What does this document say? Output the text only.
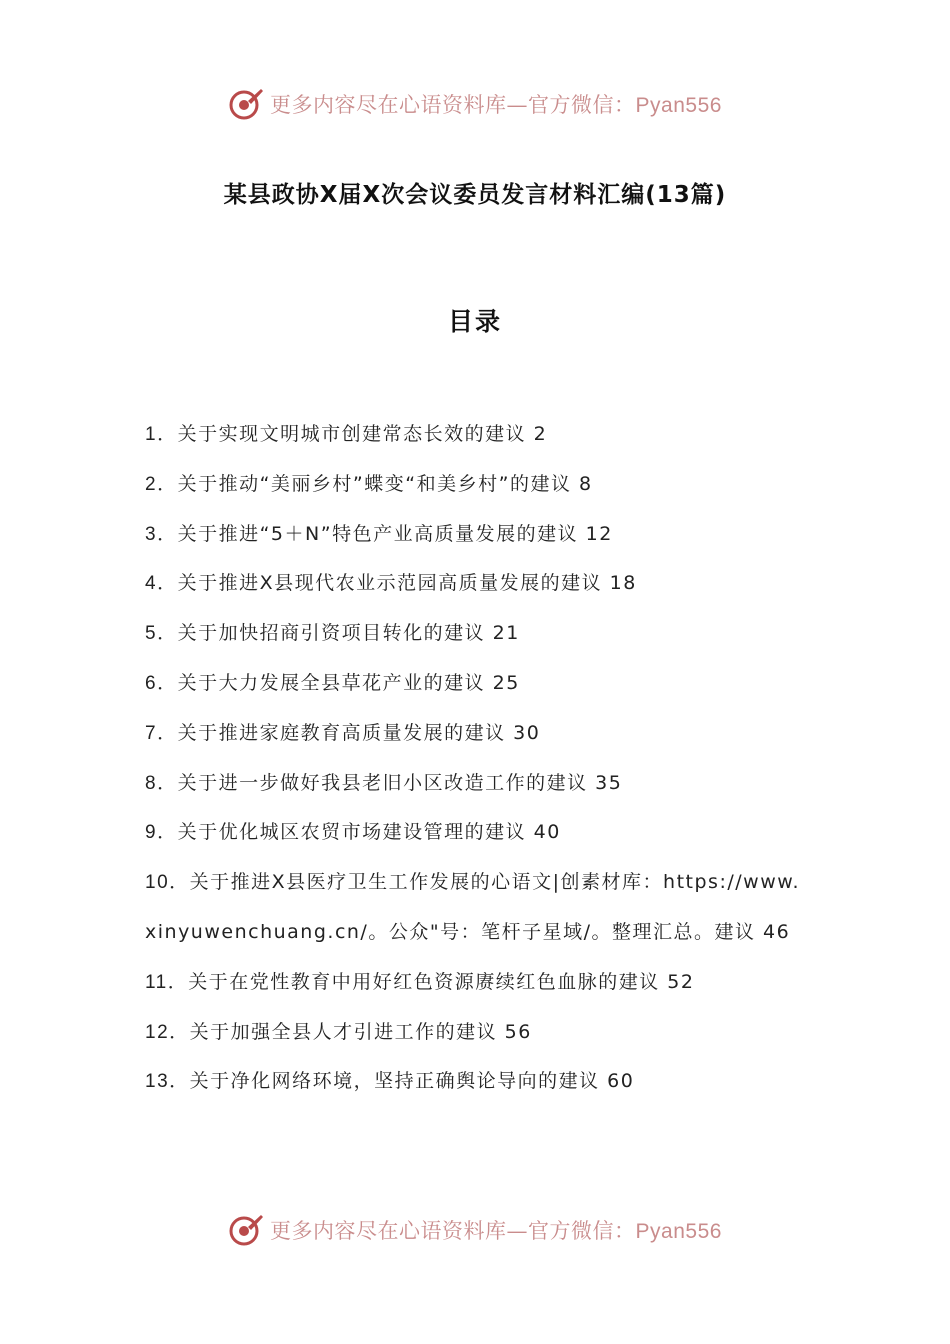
更多内容尽在心语资料库—官方微信：Pyan556
某县政协X届X次会议委员发言材料汇编(13篇)
目录
1．关于实现文明城市创建常态长效的建议 2
2．关于推动“美丽乡村”蝶变“和美乡村”的建议 8
3．关于推进“5＋N”特色产业高质量发展的建议 12
4．关于推进X县现代农业示范园高质量发展的建议 18
5．关于加快招商引资项目转化的建议 21
6．关于大力发展全县草花产业的建议 25
7．关于推进家庭教育高质量发展的建议 30
8．关于进一步做好我县老旧小区改造工作的建议 35
9．关于优化城区农贸市场建设管理的建议 40
10．关于推进X县医疗卫生工作发展的心语文|创素材库：https://www.xinyuwenchuang.cn/。公众"号：笔杆子星域/。整理汇总。建议 46
11．关于在党性教育中用好红色资源赓续红色血脉的建议 52
12．关于加强全县人才引进工作的建议 56
13．关于净化网络环境，坚持正确舆论导向的建议 60
更多内容尽在心语资料库—官方微信：Pyan556
